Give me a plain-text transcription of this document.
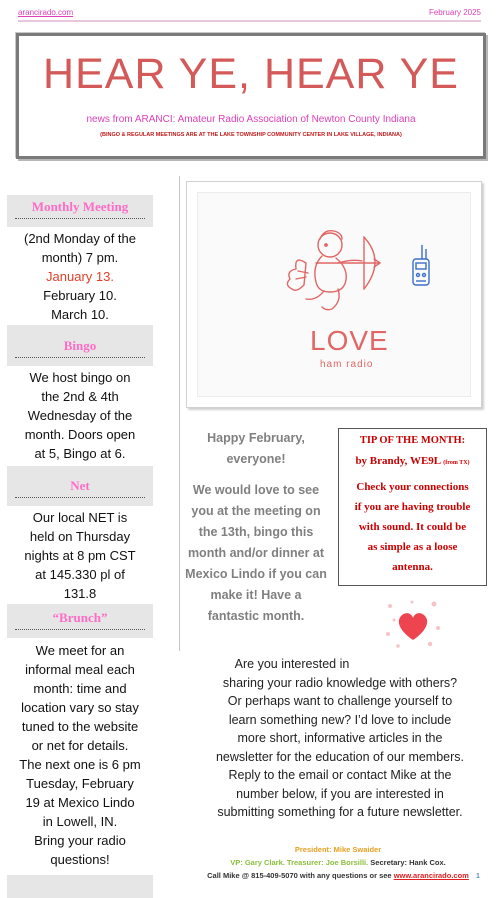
arancirado.com	February 2025
HEAR YE, HEAR YE
news from ARANCI: Amateur Radio Association of Newton County Indiana
(BINGO & REGULAR MEETINGS ARE AT THE LAKE TOWNSHIP COMMUNITY CENTER IN LAKE VILLAGE, INDIANA)
Monthly Meeting
(2nd Monday of the
month) 7 pm.
January 13.
February 10.
March 10.
Bingo
We host bingo on
the 2nd & 4th
Wednesday of the
month. Doors open
at 5, Bingo at 6.
Net
Our local NET is
held on Thursday
nights at 8 pm CST
at 145.330 pl of
131.8
“Brunch”
We meet for an
informal meal each
month: time and
location vary so stay
tuned to the website
or net for details.
The next one is 6 pm
Tuesday, February
19 at Mexico Lindo
in Lowell, IN.
Bring your radio
questions!
LOVE
ham radio
Happy February,
everyone!
We would love to see
you at the meeting on
the 13th, bingo this
month and/or dinner at
Mexico Lindo if you can
make it! Have a
fantastic month.
TIP OF THE MONTH:
by Brandy, WE9L (from TX)
Check your connections
if you are having trouble
with sound. It could be
as simple as a loose
antenna.
Are you interested in
sharing your radio knowledge with others?
Or perhaps want to challenge yourself to
learn something new? I’d love to include
more short, informative articles in the
newsletter for the education of our members.
Reply to the email or contact Mike at the
number below, if you are interested in
submitting something for a future newsletter.
President: Mike Swaider
VP: Gary Clark. Treasurer: Joe Borsilli. Secretary: Hank Cox.
Call Mike @ 815-409-5070 with any questions or see www.arancirado.com	1
